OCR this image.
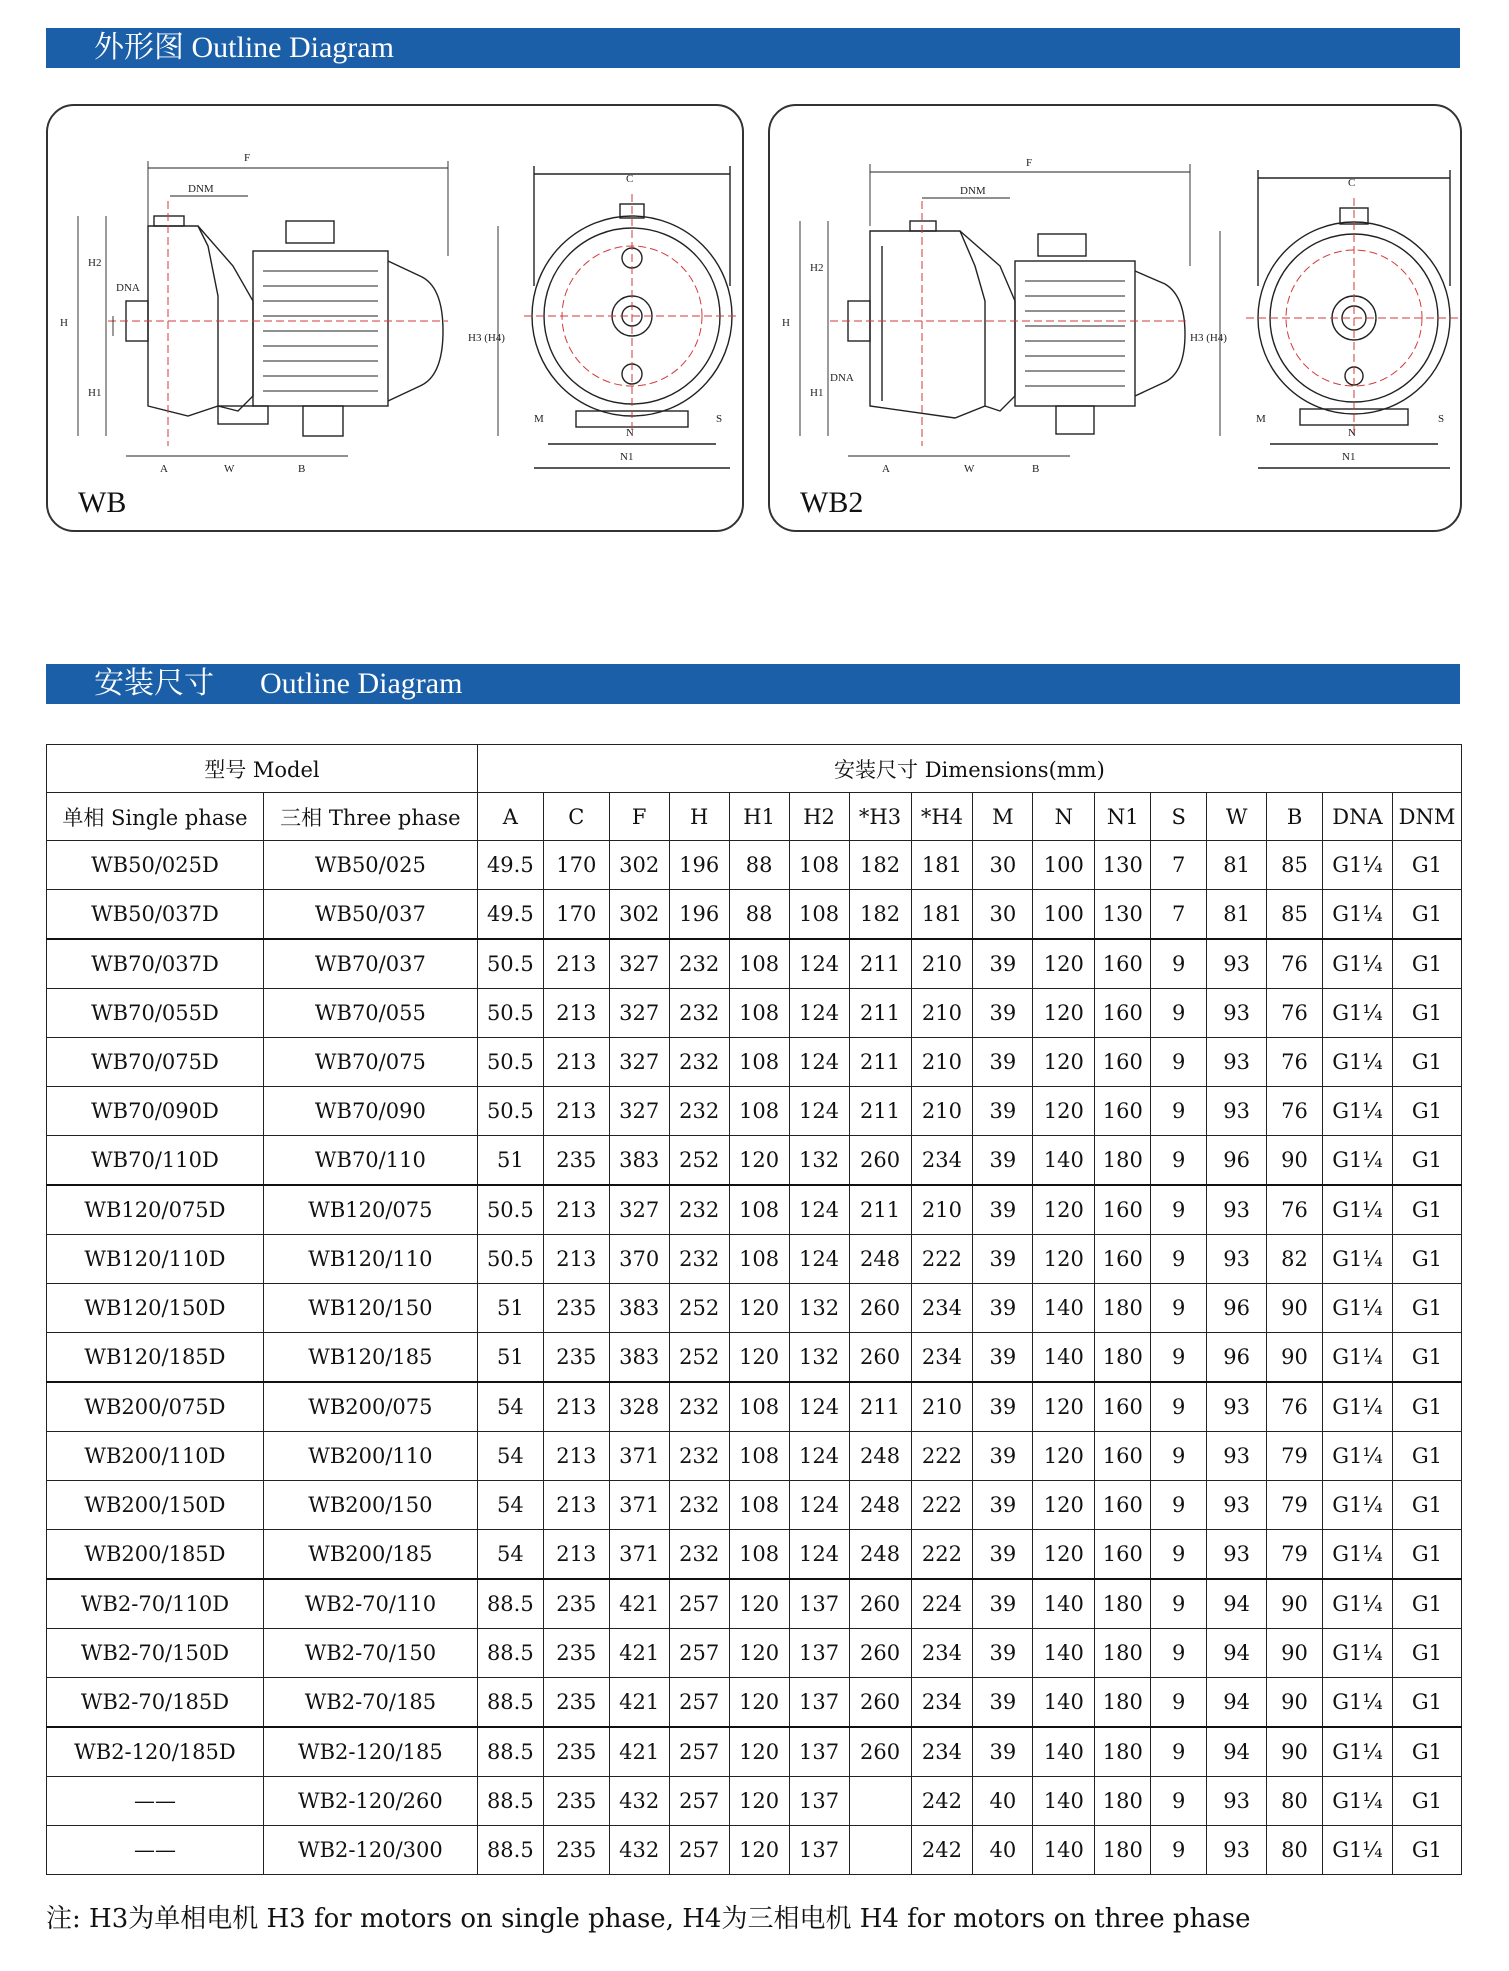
外形图 Outline Diagram
F
DNM
H
H1
H2
DNA
H3 (H4)
A	W	B
C
M
N
N1
S
WB
F
DNM
H
H1
H2
DNA
H3 (H4)
A	W	B
C
M
N
N1
S
WB2
安装尺寸 Outline Diagram
型号 Model		安装尺寸 Dimensions(mm)															
单相 Single phase	三相 Three phase	A	C	F	H	H1	H2	*H3	*H4	M	N	N1	S	W	B	DNA	DNM
WB50/025D	WB50/025	49.5	170	302	196	88	108	182	181	30	100	130	7	81	85	G1¼	G1
WB50/037D	WB50/037	49.5	170	302	196	88	108	182	181	30	100	130	7	81	85	G1¼	G1
WB70/037D	WB70/037	50.5	213	327	232	108	124	211	210	39	120	160	9	93	76	G1¼	G1
WB70/055D	WB70/055	50.5	213	327	232	108	124	211	210	39	120	160	9	93	76	G1¼	G1
WB70/075D	WB70/075	50.5	213	327	232	108	124	211	210	39	120	160	9	93	76	G1¼	G1
WB70/090D	WB70/090	50.5	213	327	232	108	124	211	210	39	120	160	9	93	76	G1¼	G1
WB70/110D	WB70/110	51	235	383	252	120	132	260	234	39	140	180	9	96	90	G1¼	G1
WB120/075D	WB120/075	50.5	213	327	232	108	124	211	210	39	120	160	9	93	76	G1¼	G1
WB120/110D	WB120/110	50.5	213	370	232	108	124	248	222	39	120	160	9	93	82	G1¼	G1
WB120/150D	WB120/150	51	235	383	252	120	132	260	234	39	140	180	9	96	90	G1¼	G1
WB120/185D	WB120/185	51	235	383	252	120	132	260	234	39	140	180	9	96	90	G1¼	G1
WB200/075D	WB200/075	54	213	328	232	108	124	211	210	39	120	160	9	93	76	G1¼	G1
WB200/110D	WB200/110	54	213	371	232	108	124	248	222	39	120	160	9	93	79	G1¼	G1
WB200/150D	WB200/150	54	213	371	232	108	124	248	222	39	120	160	9	93	79	G1¼	G1
WB200/185D	WB200/185	54	213	371	232	108	124	248	222	39	120	160	9	93	79	G1¼	G1
WB2-70/110D	WB2-70/110	88.5	235	421	257	120	137	260	224	39	140	180	9	94	90	G1¼	G1
WB2-70/150D	WB2-70/150	88.5	235	421	257	120	137	260	234	39	140	180	9	94	90	G1¼	G1
WB2-70/185D	WB2-70/185	88.5	235	421	257	120	137	260	234	39	140	180	9	94	90	G1¼	G1
WB2-120/185D	WB2-120/185	88.5	235	421	257	120	137	260	234	39	140	180	9	94	90	G1¼	G1
——	WB2-120/260	88.5	235	432	257	120	137		242	40	140	180	9	93	80	G1¼	G1
——	WB2-120/300	88.5	235	432	257	120	137		242	40	140	180	9	93	80	G1¼	G1
注: H3为单相电机 H3 for motors on single phase, H4为三相电机 H4 for motors on three phase
